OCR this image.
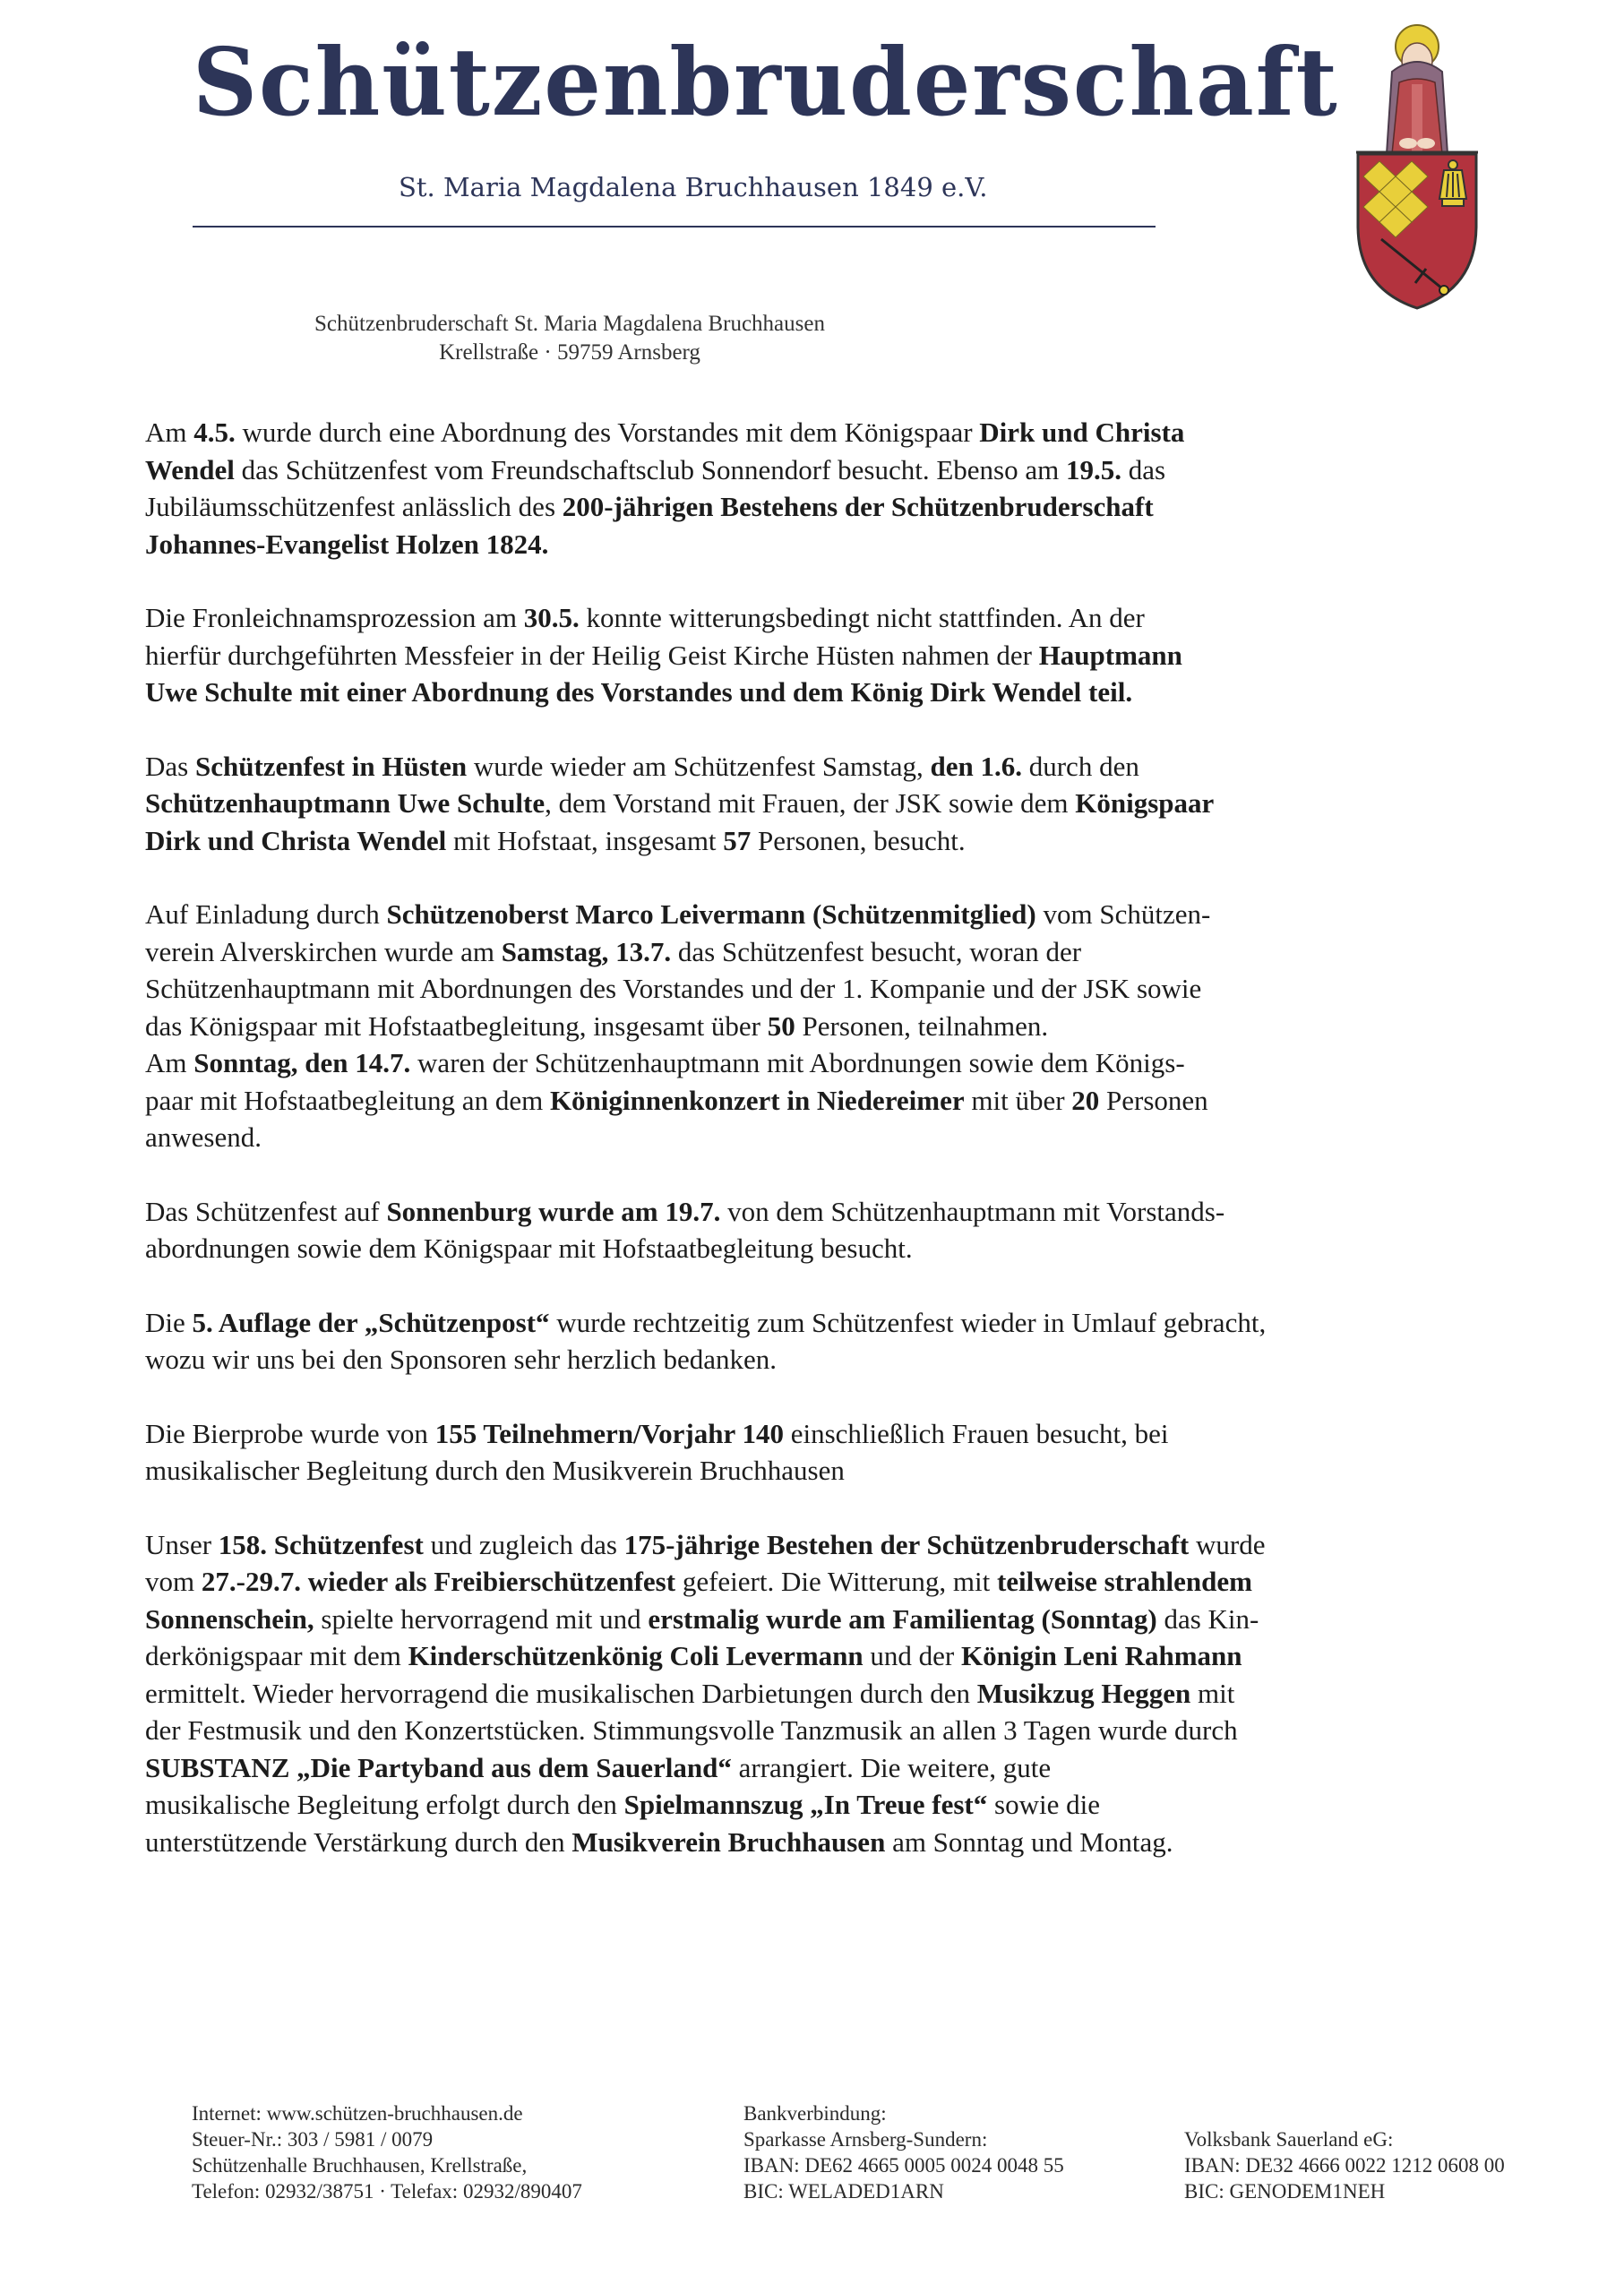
Schützenbruderschaft
St. Maria Magdalena Bruchhausen 1849 e.V.
Schützenbruderschaft St. Maria Magdalena Bruchhausen
Krellstraße · 59759 Arnsberg

Am 4.5. wurde durch eine Abordnung des Vorstandes mit dem Königspaar Dirk und Christa
Wendel das Schützenfest vom Freundschaftsclub Sonnendorf besucht. Ebenso am 19.5. das
Jubiläumsschützenfest anlässlich des 200-jährigen Bestehens der Schützenbruderschaft
Johannes-Evangelist Holzen 1824.

Die Fronleichnamsprozession am 30.5. konnte witterungsbedingt nicht stattfinden. An der
hierfür durchgeführten Messfeier in der Heilig Geist Kirche Hüsten nahmen der Hauptmann
Uwe Schulte mit einer Abordnung des Vorstandes und dem König Dirk Wendel teil.

Das Schützenfest in Hüsten wurde wieder am Schützenfest Samstag, den 1.6. durch den
Schützenhauptmann Uwe Schulte, dem Vorstand mit Frauen, der JSK sowie dem Königspaar
Dirk und Christa Wendel mit Hofstaat, insgesamt 57 Personen, besucht.

Auf Einladung durch Schützenoberst Marco Leivermann (Schützenmitglied) vom Schützen-
verein Alverskirchen wurde am Samstag, 13.7. das Schützenfest besucht, woran der
Schützenhauptmann mit Abordnungen des Vorstandes und der 1. Kompanie und der JSK sowie
das Königspaar mit Hofstaatbegleitung, insgesamt über 50 Personen, teilnahmen.
Am Sonntag, den 14.7. waren der Schützenhauptmann mit Abordnungen sowie dem Königs-
paar mit Hofstaatbegleitung an dem Königinnenkonzert in Niedereimer mit über 20 Personen
anwesend.

Das Schützenfest auf Sonnenburg wurde am 19.7. von dem Schützenhauptmann mit Vorstands-
abordnungen sowie dem Königspaar mit Hofstaatbegleitung besucht.

Die 5. Auflage der „Schützenpost“ wurde rechtzeitig zum Schützenfest wieder in Umlauf gebracht,
wozu wir uns bei den Sponsoren sehr herzlich bedanken.

Die Bierprobe wurde von 155 Teilnehmern/Vorjahr 140 einschließlich Frauen besucht, bei
musikalischer Begleitung durch den Musikverein Bruchhausen

Unser 158. Schützenfest und zugleich das 175-jährige Bestehen der Schützenbruderschaft wurde
vom 27.-29.7. wieder als Freibierschützenfest gefeiert. Die Witterung, mit teilweise strahlendem
Sonnenschein, spielte hervorragend mit und erstmalig wurde am Familientag (Sonntag) das Kin-
derkönigspaar mit dem Kinderschützenkönig Coli Levermann und der Königin Leni Rahmann
ermittelt. Wieder hervorragend die musikalischen Darbietungen durch den Musikzug Heggen mit
der Festmusik und den Konzertstücken. Stimmungsvolle Tanzmusik an allen 3 Tagen wurde durch
SUBSTANZ „Die Partyband aus dem Sauerland“ arrangiert. Die weitere, gute
musikalische Begleitung erfolgt durch den Spielmannszug „In Treue fest“ sowie die
unterstützende Verstärkung durch den Musikverein Bruchhausen am Sonntag und Montag.

Internet: www.schützen-bruchhausen.de
Steuer-Nr.: 303 / 5981 / 0079
Schützenhalle Bruchhausen, Krellstraße,
Telefon: 02932/38751 · Telefax: 02932/890407
Bankverbindung:
Sparkasse Arnsberg-Sundern:
IBAN: DE62 4665 0005 0024 0048 55
BIC: WELADED1ARN
Volksbank Sauerland eG:
IBAN: DE32 4666 0022 1212 0608 00
BIC: GENODEM1NEH
